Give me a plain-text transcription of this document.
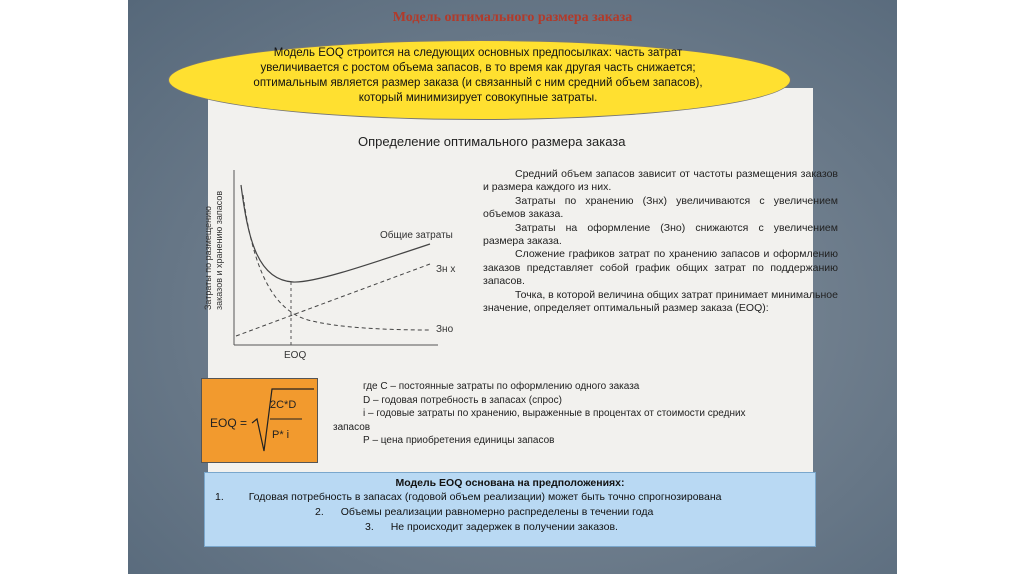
Модель оптимального размера заказа
Модель EOQ строится на следующих основных предпосылках: часть затрат увеличивается с ростом объема запасов, в то время как другая часть снижается; оптимальным является размер заказа (и связанный с ним средний объем запасов), который минимизирует совокупные затраты.
Определение оптимального размера заказа
Затраты по размещению заказов и хранению запасов	Общие затраты
Зн х
Зно
EOQ

Средний объем запасов зависит от частоты размещения заказов и размера каждого из них.

Затраты по хранению (Знх) увеличиваются с увеличением объемов заказа.

Затраты на оформление (Зно) снижаются с увеличением размера заказа.

Сложение графиков затрат по хранению запасов и оформлению заказов представляет собой график общих затрат по поддержанию запасов.

Точка, в которой величина общих затрат принимает минимальное значение, определяет оптимальный размер заказа (EOQ):

EOQ =
2C*D
P* i
где С – постоянные затраты по оформлению одного заказа
D – годовая потребность в запасах (спрос)
i – годовые затраты по хранению, выраженные в процентах от стоимости средних
запасов
Р – цена приобретения единицы запасов
Модель EOQ основана на предположениях:
1. Годовая потребность в запасах (годовой объем реализации) может быть точно спрогнозирована
2. Объемы реализации равномерно распределены в течении года
3. Не происходит задержек в получении заказов.
